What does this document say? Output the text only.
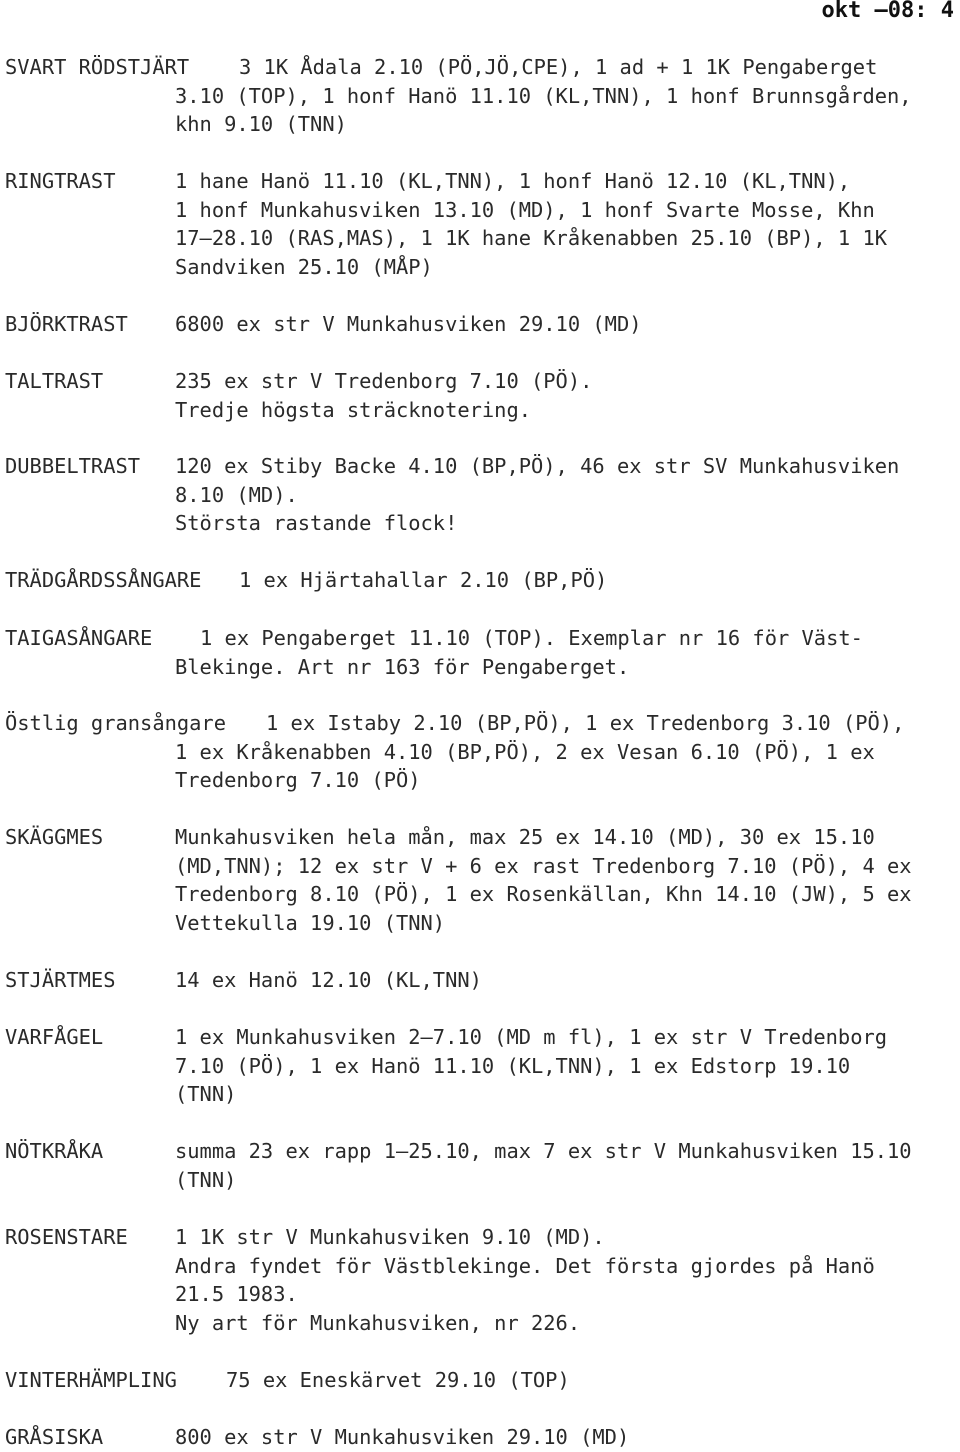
okt –08: 4
SVART RÖDSTJÄRT 3 1K Ådala 2.10 (PÖ,JÖ,CPE), 1 ad + 1 1K Pengaberget
3.10 (TOP), 1 honf Hanö 11.10 (KL,TNN), 1 honf Brunnsgården,
khn 9.10 (TNN)
RINGTRAST	1 hane Hanö 11.10 (KL,TNN), 1 honf Hanö 12.10 (KL,TNN),
1 honf Munkahusviken 13.10 (MD), 1 honf Svarte Mosse, Khn
17–28.10 (RAS,MAS), 1 1K hane Kråkenabben 25.10 (BP), 1 1K
Sandviken 25.10 (MÅP)
BJÖRKTRAST 6800 ex str V Munkahusviken 29.10 (MD)
TALTRAST	235 ex str V Tredenborg 7.10 (PÖ).
Tredje högsta sträcknotering.
DUBBELTRAST 120 ex Stiby Backe 4.10 (BP,PÖ), 46 ex str SV Munkahusviken
8.10 (MD).
Största rastande flock!
TRÄDGÅRDSSÅNGARE 1 ex Hjärtahallar 2.10 (BP,PÖ)
TAIGASÅNGARE 1 ex Pengaberget 11.10 (TOP). Exemplar nr 16 för Väst-
Blekinge. Art nr 163 för Pengaberget.
Östlig gransångare 1 ex Istaby 2.10 (BP,PÖ), 1 ex Tredenborg 3.10 (PÖ),
1 ex Kråkenabben 4.10 (BP,PÖ), 2 ex Vesan 6.10 (PÖ), 1 ex
Tredenborg 7.10 (PÖ)
SKÄGGMES	Munkahusviken hela mån, max 25 ex 14.10 (MD), 30 ex 15.10
(MD,TNN); 12 ex str V + 6 ex rast Tredenborg 7.10 (PÖ), 4 ex
Tredenborg 8.10 (PÖ), 1 ex Rosenkällan, Khn 14.10 (JW), 5 ex
Vettekulla 19.10 (TNN)
STJÄRTMES	14 ex Hanö 12.10 (KL,TNN)
VARFÅGEL	1 ex Munkahusviken 2–7.10 (MD m fl), 1 ex str V Tredenborg
7.10 (PÖ), 1 ex Hanö 11.10 (KL,TNN), 1 ex Edstorp 19.10
(TNN)
NÖTKRÅKA	summa 23 ex rapp 1–25.10, max 7 ex str V Munkahusviken 15.10
(TNN)
ROSENSTARE 1 1K str V Munkahusviken 9.10 (MD).
Andra fyndet för Västblekinge. Det första gjordes på Hanö
21.5 1983.
Ny art för Munkahusviken, nr 226.
VINTERHÄMPLING 75 ex Eneskärvet 29.10 (TOP)
GRÅSISKA	800 ex str V Munkahusviken 29.10 (MD)
